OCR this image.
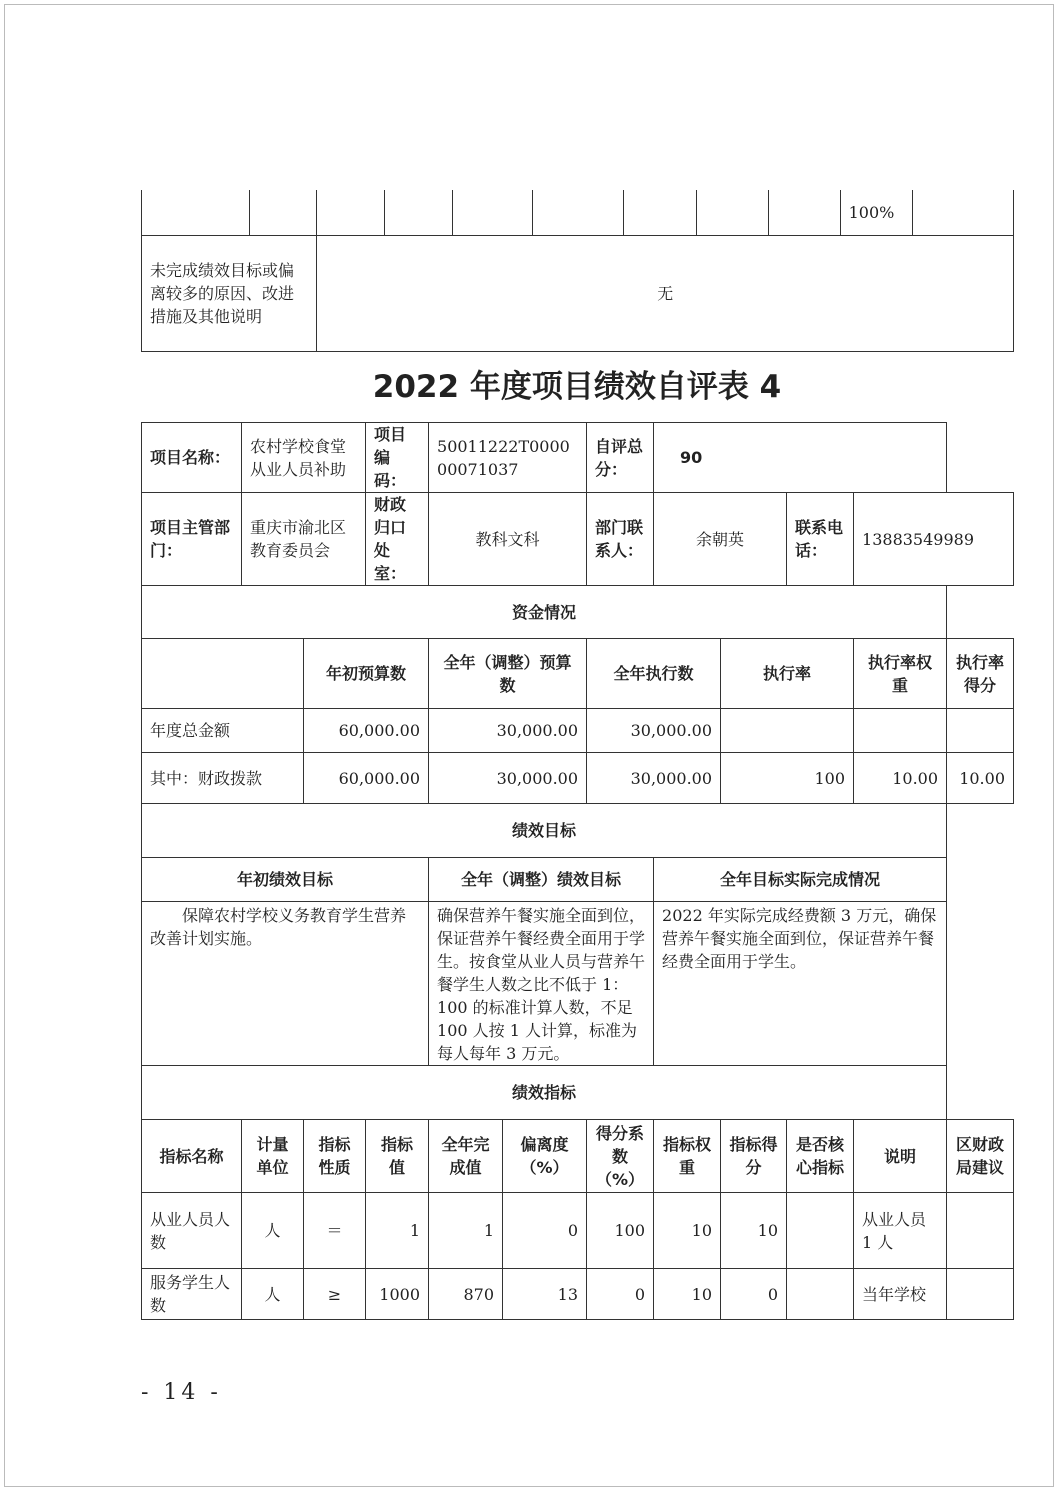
									100%	
未完成绩效目标或偏离较多的原因、改进措施及其他说明		无								
2022 年度项目绩效自评表 4
项目名称：	农村学校食堂从业人员补助		项目编码：	50011222T000000071037		自评总分：	90				
项目主管部门：	重庆市渝北区教育委员会		财政归口处室：	教科文科		部门联系人：	余朝英		联系电话：	13883549989	
资金情况											
		年初预算数		全年（调整）预算数		全年执行数		执行率		执行率权重	执行率得分
年度总金额		60,000.00		30,000.00		30,000.00					
其中：财政拨款		60,000.00		30,000.00		30,000.00		100		10.00	10.00
绩效目标											
年初绩效目标				全年（调整）绩效目标			全年目标实际完成情况				
保障农村学校义务教育学生营养改善计划实施。				确保营养午餐实施全面到位，保证营养午餐经费全面用于学生。按食堂从业人员与营养午餐学生人数之比不低于 1：100 的标准计算人数，不足 100 人按 1 人计算，标准为每人每年 3 万元。			2022 年实际完成经费额 3 万元，确保营养午餐实施全面到位，保证营养午餐经费全面用于学生。				
绩效指标											
指标名称	计量单位	指标性质	指标值	全年完成值	偏离度（%）	得分系数（%）	指标权重	指标得分	是否核心指标	说明	区财政局建议
从业人员人数	人	＝	1	1	0	100	10	10		从业人员 1 人	
服务学生人数	人	≥	1000	870	13	0	10	0		当年学校	
- 14 -
